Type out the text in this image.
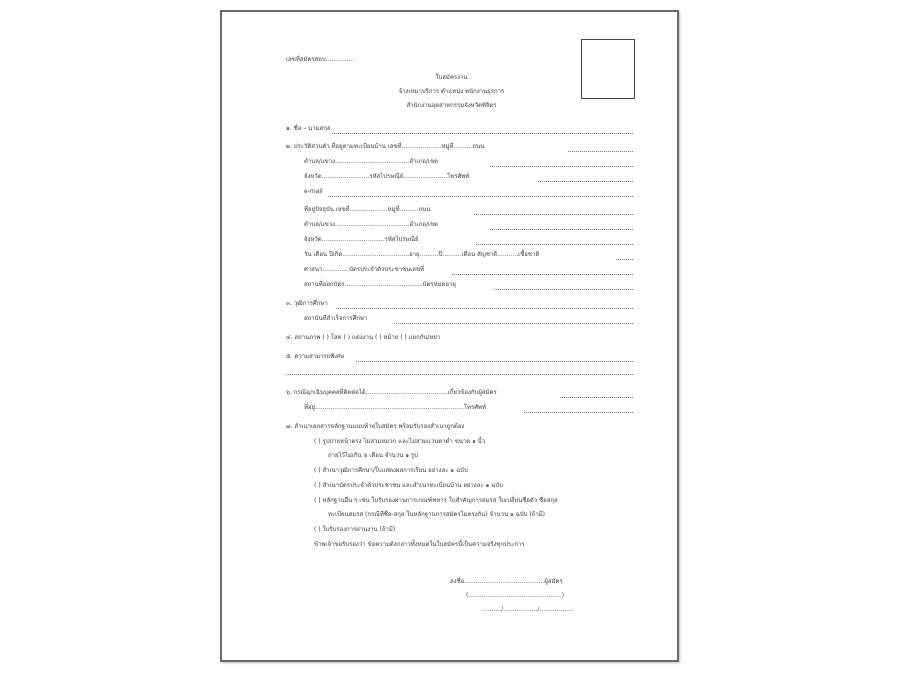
เลขที่สมัครสอบ...............
ใบสมัครงาน
จ้างเหมาบริการ ตำแหน่ง พนักงานธุรการ
สำนักงานอุตสาหกรรมจังหวัดพิจิตร
๑. ชื่อ – นามสกุล
๒. ประวัติส่วนตัว ที่อยู่ตามทะเบียนบ้าน เลขที่.....................หมู่ที่..........ถนน
ตำบล/แขวง.......................................อำเภอ/เขต
จังหวัด.........................รหัสไปรษณีย์.......................โทรศัพท์
e-mail
ที่อยู่ปัจจุบัน เลขที่....................หมู่ที่..........ถนน
ตำบล/แขวง.......................................อำเภอ/เขต
จังหวัด.................................รหัสไปรษณีย์
วัน เดือน ปีเกิด...................................อายุ..........ปี..........เดือน สัญชาติ...........เชื้อชาติ
ศาสนา..............บัตรประจำตัวประชาชนเลขที่
สถานที่ออกบัตร.........................................บัตรหมดอายุ
๓. วุฒิการศึกษา
สถาบันที่สำเร็จการศึกษา
๔. สถานภาพ ( ) โสด ( ) แต่งงาน ( ) หม้าย ( ) แยกกัน/หย่า
๕. ความสามารถพิเศษ
๖. กรณีฉุกเฉินบุคคลที่ติดต่อได้...........................................เกี่ยวข้องกับผู้สมัคร
ที่อยู่..............................................................................โทรศัพท์
๗. สำเนาเอกสารหลักฐานแนบท้ายใบสมัคร พร้อมรับรองสำเนาถูกต้อง
( ) รูปถ่ายหน้าตรง ไม่สวมหมวก และไม่สวมแว่นตาดำ ขนาด ๑ นิ้ว
ถ่ายไว้ไม่เกิน ๖ เดือน จำนวน ๑ รูป
( ) สำเนาวุฒิการศึกษา/ใบแสดงผลการเรียน อย่างละ ๑ ฉบับ
( ) สำเนาบัตรประจำตัวประชาชน และสำเนาทะเบียนบ้าน อย่างละ ๑ ฉบับ
( ) หลักฐานอื่น ๆ เช่น ใบรับรองผ่านการเกณฑ์ทหาร ใบสำคัญการสมรส ใบเปลี่ยนชื่อตัว ชื่อสกุล
ทะเบียนสมรส (กรณีที่ชื่อ-สกุล ในหลักฐานการสมัครไม่ตรงกัน) จำนวน ๑ ฉบับ (ถ้ามี)
( ) ใบรับรองการผ่านงาน (ถ้ามี)
ข้าพเจ้าขอรับรองว่า ข้อความดังกล่าวทั้งหมดในใบสมัครนี้เป็นความจริงทุกประการ
ลงชื่อ..........................................ผู้สมัคร
(.................................................)
........../................../..................
